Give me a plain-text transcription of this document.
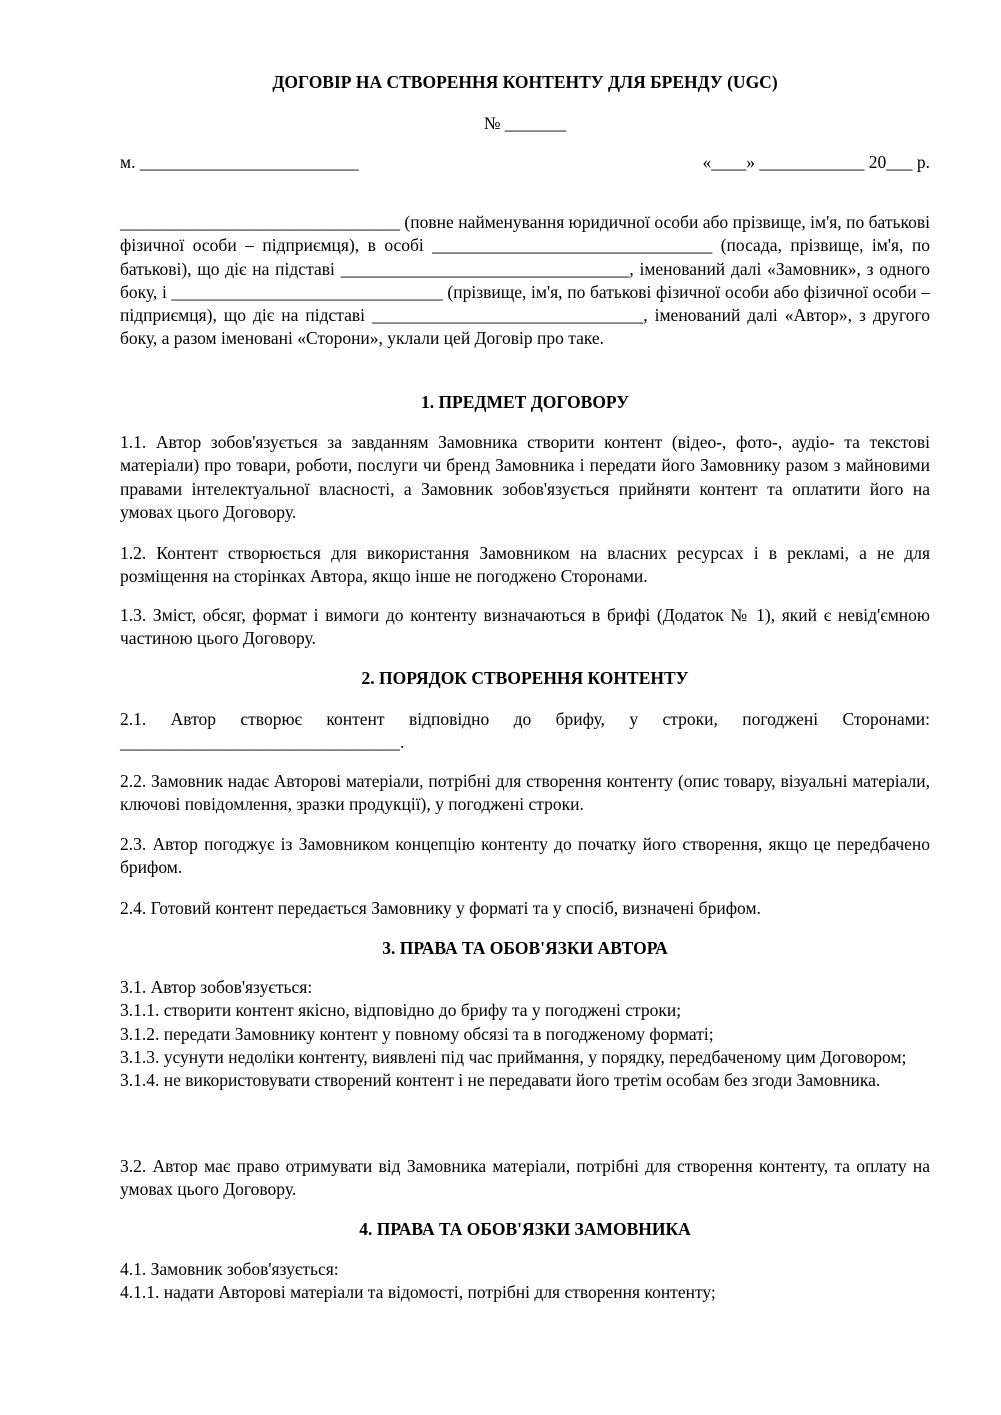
ДОГОВІР НА СТВОРЕННЯ КОНТЕНТУ ДЛЯ БРЕНДУ (UGC)
№ _______
м. _________________________	«____» ____________ 20___ р.

________________________________ (повне найменування юридичної особи або прізвище, ім'я, по батькові фізичної особи – підприємця), в особі ________________________________ (посада, прізвище, ім'я, по батькові), що діє на підставі _________________________________, іменований далі «Замовник», з одного боку, і _______________________________ (прізвище, ім'я, по батькові фізичної особи або фізичної особи – підприємця), що діє на підставі _______________________________, іменований далі «Автор», з другого боку, а разом іменовані «Сторони», уклали цей Договір про таке.

1. ПРЕДМЕТ ДОГОВОРУ

1.1. Автор зобов'язується за завданням Замовника створити контент (відео-, фото-, аудіо- та текстові матеріали) про товари, роботи, послуги чи бренд Замовника і передати його Замовнику разом з майновими правами інтелектуальної власності, а Замовник зобов'язується прийняти контент та оплатити його на умовах цього Договору.

1.2. Контент створюється для використання Замовником на власних ресурсах і в рекламі, а не для розміщення на сторінках Автора, якщо інше не погоджено Сторонами.

1.3. Зміст, обсяг, формат і вимоги до контенту визначаються в брифі (Додаток № 1), який є невід'ємною частиною цього Договору.

2. ПОРЯДОК СТВОРЕННЯ КОНТЕНТУ

2.1. Автор створює контент відповідно до брифу, у строки, погоджені Сторонами: ________________________________.

2.2. Замовник надає Авторові матеріали, потрібні для створення контенту (опис товару, візуальні матеріали, ключові повідомлення, зразки продукції), у погоджені строки.

2.3. Автор погоджує із Замовником концепцію контенту до початку його створення, якщо це передбачено брифом.

2.4. Готовий контент передається Замовнику у форматі та у спосіб, визначені брифом.

3. ПРАВА ТА ОБОВ'ЯЗКИ АВТОРА

3.1. Автор зобов'язується:

3.1.1. створити контент якісно, відповідно до брифу та у погоджені строки;

3.1.2. передати Замовнику контент у повному обсязі та в погодженому форматі;

3.1.3. усунути недоліки контенту, виявлені під час приймання, у порядку, передбаченому цим Договором;

3.1.4. не використовувати створений контент і не передавати його третім особам без згоди Замовника.

3.2. Автор має право отримувати від Замовника матеріали, потрібні для створення контенту, та оплату на умовах цього Договору.

4. ПРАВА ТА ОБОВ'ЯЗКИ ЗАМОВНИКА

4.1. Замовник зобов'язується:

4.1.1. надати Авторові матеріали та відомості, потрібні для створення контенту;
